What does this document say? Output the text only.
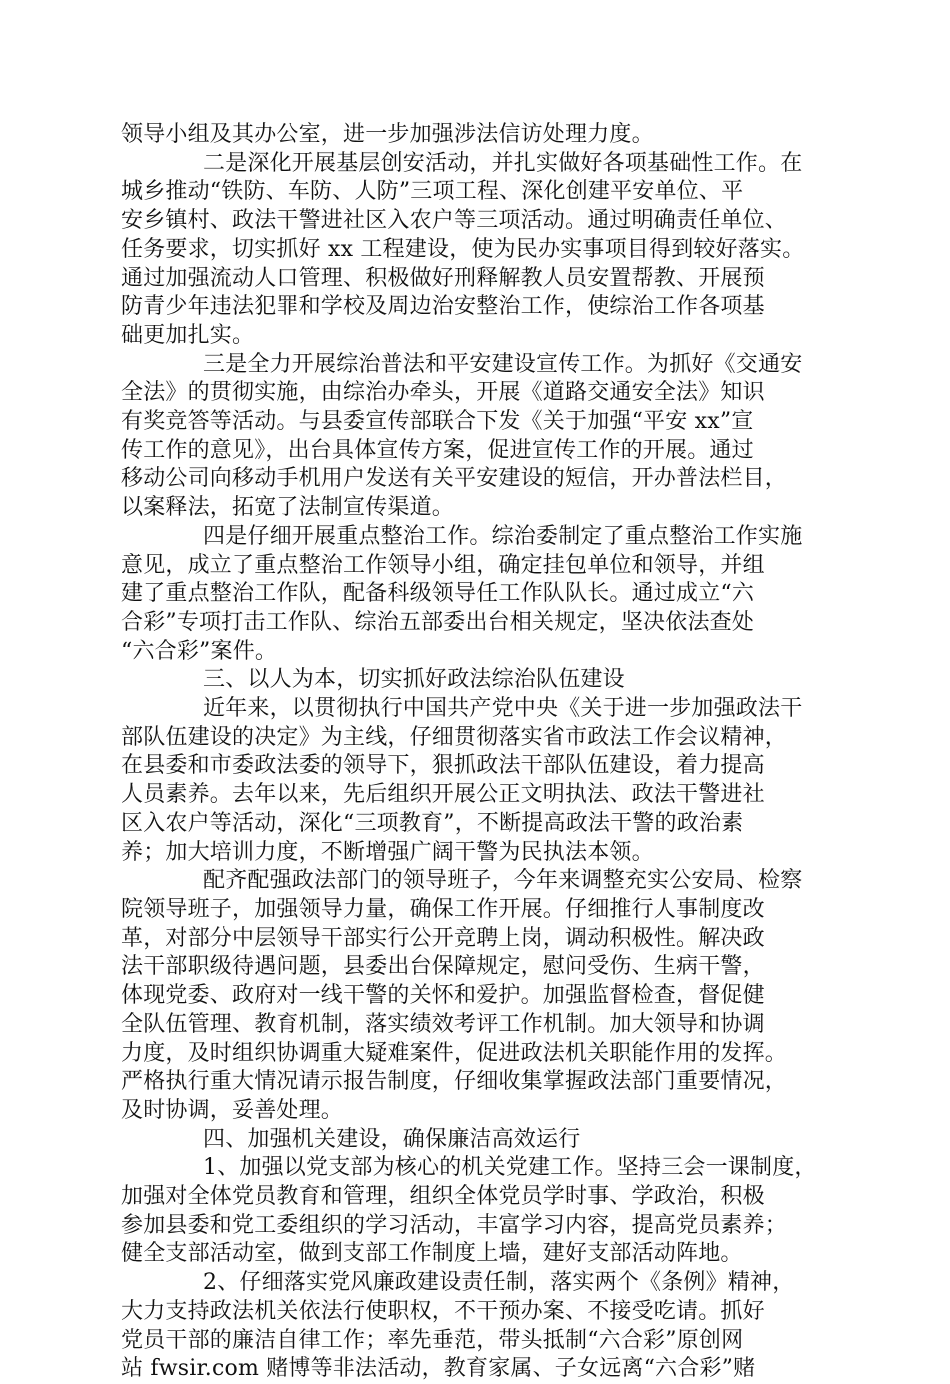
领导小组及其办公室，进一步加强涉法信访处理力度。
二是深化开展基层创安活动，并扎实做好各项基础性工作。在
城乡推动“铁防、车防、人防”三项工程、深化创建平安单位、平
安乡镇村、政法干警进社区入农户等三项活动。通过明确责任单位、
任务要求，切实抓好 xx 工程建设，使为民办实事项目得到较好落实。
通过加强流动人口管理、积极做好刑释解教人员安置帮教、开展预
防青少年违法犯罪和学校及周边治安整治工作，使综治工作各项基
础更加扎实。
三是全力开展综治普法和平安建设宣传工作。为抓好《交通安
全法》的贯彻实施，由综治办牵头，开展《道路交通安全法》知识
有奖竞答等活动。与县委宣传部联合下发《关于加强“平安 xx”宣
传工作的意见》，出台具体宣传方案，促进宣传工作的开展。通过
移动公司向移动手机用户发送有关平安建设的短信，开办普法栏目，
以案释法，拓宽了法制宣传渠道。
四是仔细开展重点整治工作。综治委制定了重点整治工作实施
意见，成立了重点整治工作领导小组，确定挂包单位和领导，并组
建了重点整治工作队，配备科级领导任工作队队长。通过成立“六
合彩”专项打击工作队、综治五部委出台相关规定，坚决依法查处
“六合彩”案件。
三、以人为本，切实抓好政法综治队伍建设
近年来，以贯彻执行中国共产党中央《关于进一步加强政法干
部队伍建设的决定》为主线，仔细贯彻落实省市政法工作会议精神，
在县委和市委政法委的领导下，狠抓政法干部队伍建设，着力提高
人员素养。去年以来，先后组织开展公正文明执法、政法干警进社
区入农户等活动，深化“三项教育”，不断提高政法干警的政治素
养；加大培训力度，不断增强广阔干警为民执法本领。
配齐配强政法部门的领导班子，今年来调整充实公安局、检察
院领导班子，加强领导力量，确保工作开展。仔细推行人事制度改
革，对部分中层领导干部实行公开竞聘上岗，调动积极性。解决政
法干部职级待遇问题，县委出台保障规定，慰问受伤、生病干警，
体现党委、政府对一线干警的关怀和爱护。加强监督检查，督促健
全队伍管理、教育机制，落实绩效考评工作机制。加大领导和协调
力度，及时组织协调重大疑难案件，促进政法机关职能作用的发挥。
严格执行重大情况请示报告制度，仔细收集掌握政法部门重要情况，
及时协调，妥善处理。
四、加强机关建设，确保廉洁高效运行
1、加强以党支部为核心的机关党建工作。坚持三会一课制度，
加强对全体党员教育和管理，组织全体党员学时事、学政治，积极
参加县委和党工委组织的学习活动，丰富学习内容，提高党员素养；
健全支部活动室，做到支部工作制度上墙，建好支部活动阵地。
2、仔细落实党风廉政建设责任制，落实两个《条例》精神，
大力支持政法机关依法行使职权，不干预办案、不接受吃请。抓好
党员干部的廉洁自律工作；率先垂范，带头抵制“六合彩”原创网
站 fwsir.com 赌博等非法活动，教育家属、子女远离“六合彩”赌
